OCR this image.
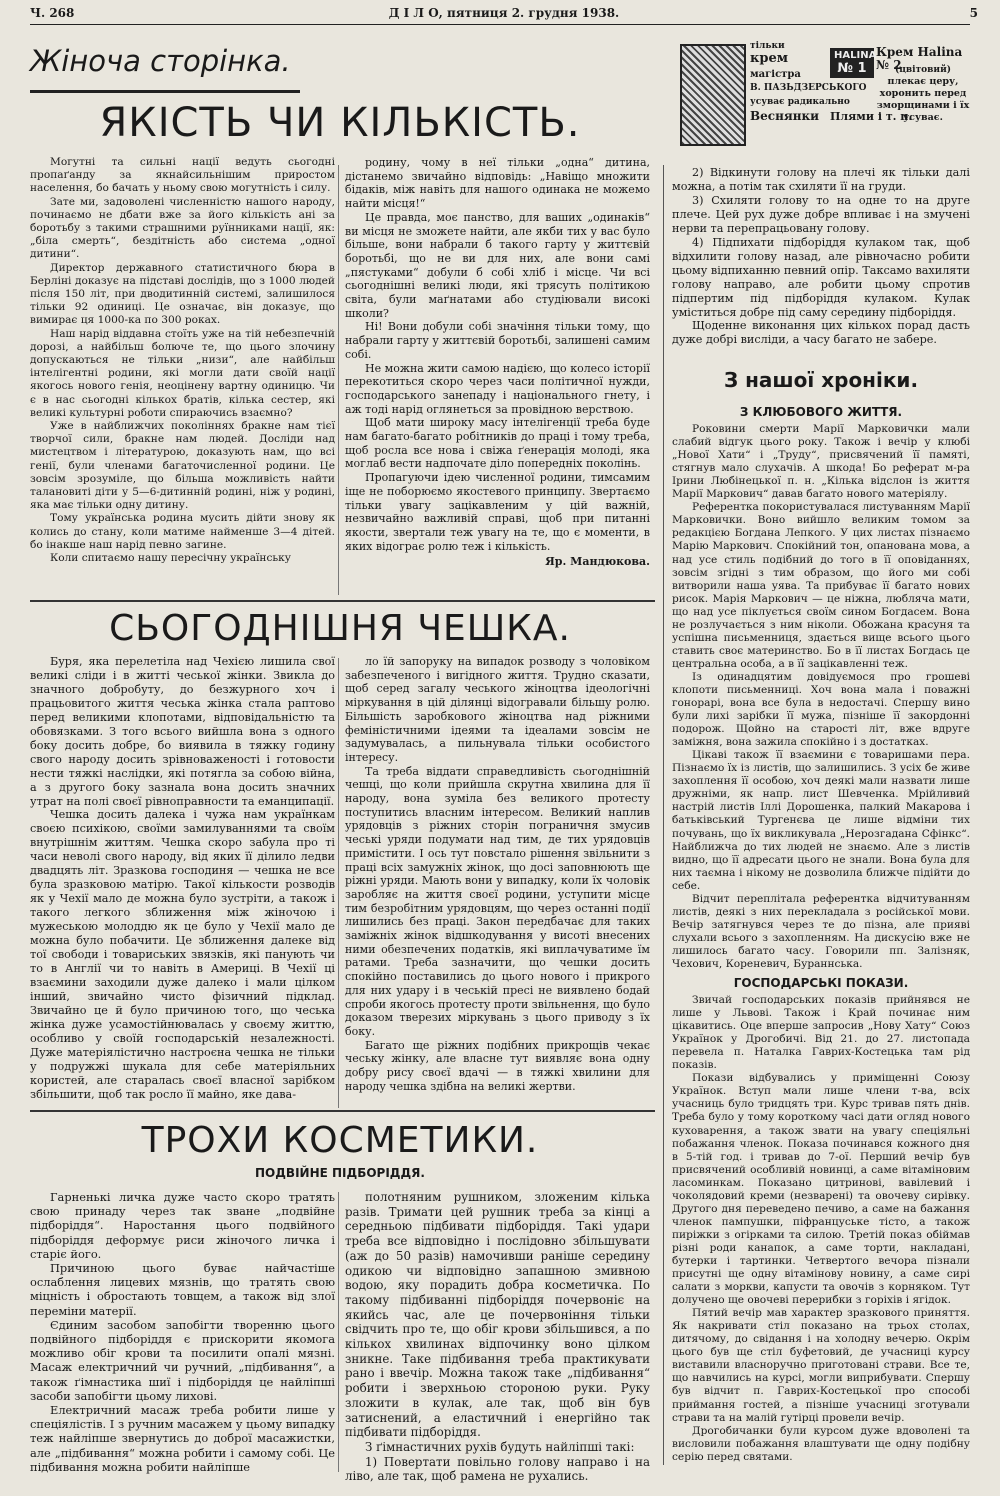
Ч. 268	Д І Л О, пятниця 2. грудня 1938.	5
Жіноча сторінка.	тільки
крем
магістра
В. ПАЗЬДЗЕРСЬКОГО
усуває радикально
Веснянки Плями і т. п.
HALINA
№ 1
Крем Halina № 2
(цвітовий)
плекає церу, хоронить перед зморщинами і їх усуває.
ЯКІСТЬ ЧИ КІЛЬКІСТЬ.

Могутні та сильні нації ведуть сьогодні пропаґанду за якнайсильнішим приростом населення, бо бачать у ньому свою могутність і силу.

Зате ми, задоволені численністю нашого народу, починаємо не дбати вже за його кількість ані за боротьбу з такими страшними руїнниками нації, як: „біла смерть“, бездітність або система „одної дитини“.

Директор державного статистичного бюра в Берліні доказує на підставі дослідів, що з 1000 людей після 150 літ, при дводитинній системі, залишилося тільки 92 одиниці. Це означає, він доказує, що вимирає ця 1000-ка по 300 роках.

Наш нарід віддавна стоїть уже на тій небезпечній дорозі, а найбільш болюче те, що цього злочину допускаються не тільки „низи“, але найбільш інтелігентні родини, які могли дати своїй нації якогось нового генія, неоцінену вартну одиницю. Чи є в нас сьогодні кількох братів, кілька сестер, які великі культурні роботи спираючись взаємно?

Уже в найближчих поколіннях бракне нам тієї творчої сили, бракне нам людей. Досліди над мистецтвом і літературою, доказують нам, що всі генії, були членами багаточисленної родини. Це зовсім зрозуміле, що більша можливість найти талановиті діти у 5—6-дитинній родині, ніж у родині, яка має тільки одну дитину.

Тому українська родина мусить дійти знову як колись до стану, коли матиме найменше 3—4 дітей. бо інакше наш нарід певно загине.

Коли спитаємо нашу пересічну українську

родину, чому в неї тільки „одна“ дитина, дістанемо звичайно відповідь: „Навіщо множити бідаків, між навіть для нашого одинака не можемо найти місця!“

Це правда, моє панство, для ваших „одинаків“ ви місця не зможете найти, але якби тих у вас було більше, вони набрали б такого гарту у життєвій боротьбі, що не ви для них, але вони самі „пястуками“ добули б собі хліб і місце. Чи всі сьогоднішні великі люди, які трясуть політикою світа, були маґнатами або студіювали високі школи?

Ні! Вони добули собі значіння тільки тому, що набрали гарту у життєвій боротьбі, залишені самим собі.

Не можна жити самою надією, що колесо історії перекотиться скоро через часи політичної нужди, господарського занепаду і національного гнету, і аж тоді нарід оглянеться за провідною верствою.

Щоб мати широку масу інтелігенції треба буде нам багато-багато робітників до праці і тому треба, щоб росла все нова і свіжа ґенерація молоді, яка моглаб вести надпочате діло попередніх поколінь.

Пропагуючи ідею численної родини, тимсамим іще не поборюємо якостевого принципу. Звертаємо тільки увагу зацікавленим у цій важній, незвичайно важливій справі, щоб при питанні якости, звертали теж увагу на те, що є моменти, в яких відограє ролю теж і кількість.

Яр. Мандюкова.

2) Відкинути голову на плечі як тільки далі можна, а потім так схиляти її на груди.

3) Схиляти голову то на одне то на друге плече. Цей рух дуже добре впливає і на змучені нерви та перепрацьовану голову.

4) Підпихати підборіддя кулаком так, щоб відхилити голову назад, але рівночасно робити цьому відпиханню певний опір. Таксамо вахиляти голову направо, але робити цьому спротив підпертим під підборіддя кулаком. Кулак уміститься добре під саму середину підборіддя.

Щоденне виконання цих кількох порад дасть дуже добрі висліди, а часу багато не забере.

З нашої хроніки.
З КЛЮБОВОГО ЖИТТЯ.

Роковини смерти Марії Марковички мали слабий відгук цього року. Також і вечір у клюбі „Нової Хати“ і „Труду“, присвячений її памяті, стягнув мало слухачів. А шкода! Бо реферат м-ра Ірини Любінецької п. н. „Кілька відслон із життя Марії Маркович“ давав багато нового матеріялу.

Референтка покористувалася листуванням Марії Марковички. Воно вийшло великим томом за редакцією Богдана Лепкого. У цих листах пізнаємо Марію Маркович. Спокійний тон, опанована мова, а над усе стиль подібний до того в її оповіданнях, зовсім згідні з тим образом, що його ми собі витворили наша уява. Та прибуває її багато нових рисок. Марія Маркович — це ніжна, любляча мати, що над усе піклується своїм сином Богдасем. Вона не розлучається з ним ніколи. Обожана красуня та успішна письменниця, здається вище всього цього ставить своє материнство. Бо в її листах Богдась це центральна особа, а в її зацікавленні теж.

Із одинадцятим довідуємося про грошеві клопоти письменниці. Хоч вона мала і поважні гонорарі, вона все була в недостачі. Спершу вино були лихі зарібки її мужа, пізніше її закордонні подорож. Щойно на старості літ, вже вдруге заміжня, вона зажила спокійно і з достатках.

Цікаві також її взаємини є товаришами пера. Пізнаємо їх із листів, що залишились. З усіх бе живе захоплення її особою, хоч деякі мали назвати лише дружніми, як напр. лист Шевченка. Мрійливий настрій листів Іллі Дорошенка, палкий Макарова і батьківський Тургенєва це лише відміни тих почувань, що їх викликувала „Нерозгадана Сфінкс“. Найближча до тих людей не знаємо. Але з листів видно, що її адресати цього не знали. Вона була для них таємна і нікому не дозволила ближче підійти до себе.

Відчит переплітала референтка відчитуванням листів, деякі з них перекладала з російської мови. Вечір затягнувся через те до пізна, але прияві слухали всього з захопленням. На дискусію вже не лишилось багато часу. Говорили пп. Залізняк, Чехович, Кореневич, Бураннська.

ГОСПОДАРСЬКІ ПОКАЗИ.

Звичай господарських показів прийнявся не лише у Львові. Також і Край починає ним цікавитись. Оце вперше запросив „Нову Хату“ Союз Українок у Дрогобичі. Від 21. до 27. листопада перевела п. Наталка Гаврих-Костецька там рід показів.

Покази відбувались у приміщенні Союзу Українок. Вступ мали лише члени т-ва, всіх учасниць було тридцять три. Курс тривав пять днів. Треба було у тому короткому часі дати огляд нового куховарення, а також звати на увагу спеціяльні побажання членок. Показа починався кожного дня в 5-тій год. і тривав до 7-ої. Перший вечір був присвячений особливій новинці, а саме вітаміновим ласоминкам. Показано цитринові, вавілевий і чоколядовий креми (незварені) та овочеву сирівку. Другого дня переведено печиво, а саме на бажання членок пампушки, піфранцуське тісто, а також пиріжки з огірками та силою. Третій показ обіймав різні роди канапок, а саме торти, накладані, бутерки і тартинки. Четвертого вечора пізнали присутні ще одну вітамінову новину, а саме сирі салати з моркви, капусти та овочів з корняком. Тут долучено ще овочеві перерибки з горіхів і ягідок.

Пятий вечір мав характер зразкового приняття. Як накривати стіл показано на трьох столах, дитячому, до свідання і на холодну вечерю. Окрім цього був ще стіл буфетовий, де учасниці курсу виставили власноручно приготовані страви. Все те, що навчились на курсі, могли виприбувати. Спершу був відчит п. Гаврих-Костецької про способі приймання гостей, а пізніше учасниці зготували страви та на малій гутірці провели вечір.

Дрогобичанки були курсом дуже вдоволені та висловили побажання влаштувати ще одну подібну серію перед святами.

СЬОГОДНІШНЯ ЧЕШКА.

Буря, яка перелетіла над Чехією лишила свої великі сліди і в житті чеської жінки. Звикла до значного добробуту, до безжурного хоч і працьовитого життя чеська жінка стала раптово перед великими клопотами, відповідальністю та обовязками. З того всього вийшла вона з одного боку досить добре, бо виявила в тяжку годину свого народу досить зрівноваженості і готовости нести тяжкі наслідки, які потягла за собою війна, а з другого боку зазнала вона досить значних утрат на полі своєї рівноправности та еманципації.

Чешка досить далека і чужа нам українкам своєю психікою, своїми замилуваннями та своїм внутрішнім життям. Чешка скоро забула про ті часи неволі свого народу, від яких її ділило ледви двадцять літ. Зразкова господиня — чешка не все була зразковою матірю. Такої кількости розводів як у Чехії мало де можна було зустріти, а також і такого легкого зближення між жіночою і мужеською молоддю як це було у Чехії мало де можна було побачити. Це зближення далеке від тої свободи і товариських звязків, які панують чи то в Англії чи то навіть в Америці. В Чехії ці взаємини заходили дуже далеко і мали цілком інший, звичайно чисто фізичний підклад. Звичайно це й було причиною того, що чеська жінка дуже усамостійнювалась у своєму життю, особливо у своїй господарській незалежності. Дуже матеріялістично настроєна чешка не тільки у подружжі шукала для себе матеріяльних користей, але старалась своєї власної зарібком збільшити, щоб так росло її майно, яке дава-

ло їй запоруку на випадок розводу з чоловіком забезпеченого і вигідного життя. Трудно сказати, щоб серед загалу чеського жіноцтва ідеологічні міркування в цій ділянці відогравали більшу ролю. Більшість заробкового жіноцтва над ріжними феміністичними ідеями та ідеалами зовсім не задумувалась, а пильнувала тільки особистого інтересу.

Та треба віддати справедливість сьогоднішній чешці, що коли прийшла скрутна хвилина для її народу, вона зуміла без великого протесту поступитись власним інтересом. Великий наплив урядовців з ріжних сторін пограничня змусив чеські уряди подумати над тим, де тих урядовців примістити. І ось тут повстало рішення звільнити з праці всіх замужніх жінок, що досі заповнюють ще ріжні уряди. Мають вони у випадку, коли їх чоловік заробляє на життя своєї родини, уступити місце тим безробітним урядовцям, що через останні події лишились без праці. Закон передбачає для таких заміжніх жінок відшкодування у висоті внесених ними обезпечених податків, які виплачуватиме їм ратами. Треба зазначити, що чешки досить спокійно поставились до цього нового і прикрого для них удару і в чеській пресі не виявлено бодай спроби якогось протесту проти звільнення, що було доказом тверезих міркувань з цього приводу з їх боку.

Багато ще ріжних подібних прикрощів чекає чеську жінку, але власне тут виявляє вона одну добру рису своєї вдачі — в тяжкі хвилини для народу чешка здібна на великі жертви.

ТРОХИ КОСМЕТИКИ.
ПОДВІЙНЕ ПІДБОРІДДЯ.

Гарненькі личка дуже часто скоро тратять свою принаду через так зване „подвійне підборіддя“. Наростання цього подвійного підборіддя деформує риси жіночого личка і старіє його.

Причиною цього буває найчастіше ослаблення лицевих мязнів, що тратять свою міцність і обростають товщем, а також від злої переміни матерії.

Єдиним засобом запобігти творенню цього подвійного підборіддя є прискорити якомога можливо обіг крови та посилити опалі мязні. Масаж електричний чи ручний, „підбивання“, а також ґімнастика шиї і підборіддя це найліпші засоби запобігти цьому лихові.

Електричний масаж треба робити лише у спеціялістів. І з ручним масажем у цьому випадку теж найліпше звернутись до доброї масажистки, але „підбивання“ можна робити і самому собі. Це підбивання можна робити найліпше

полотняним рушником, зложеним кілька разів. Тримати цей рушник треба за кінці а середньою підбивати підборіддя. Такі удари треба все відповідно і послідовно збільшувати (аж до 50 разів) намочивши раніше середину одикою чи відповідно запашною змивною водою, яку порадить добра косметичка. По такому підбиванні підборіддя почервоніє на якийсь час, але це почервоніння тільки свідчить про те, що обіг крови збільшився, а по кількох хвилинах відпочинку воно цілком зникне. Таке підбивання треба практикувати рано і ввечір. Можна також таке „підбивання“ робити і зверхньою стороною руки. Руку зложити в кулак, але так, щоб він був затиснений, а еластичний і енергійно так підбивати підборіддя.

З ґімнастичних рухів будуть найліпші такі:

1) Повертати повільно голову направо і на ліво, але так, щоб рамена не рухались.
